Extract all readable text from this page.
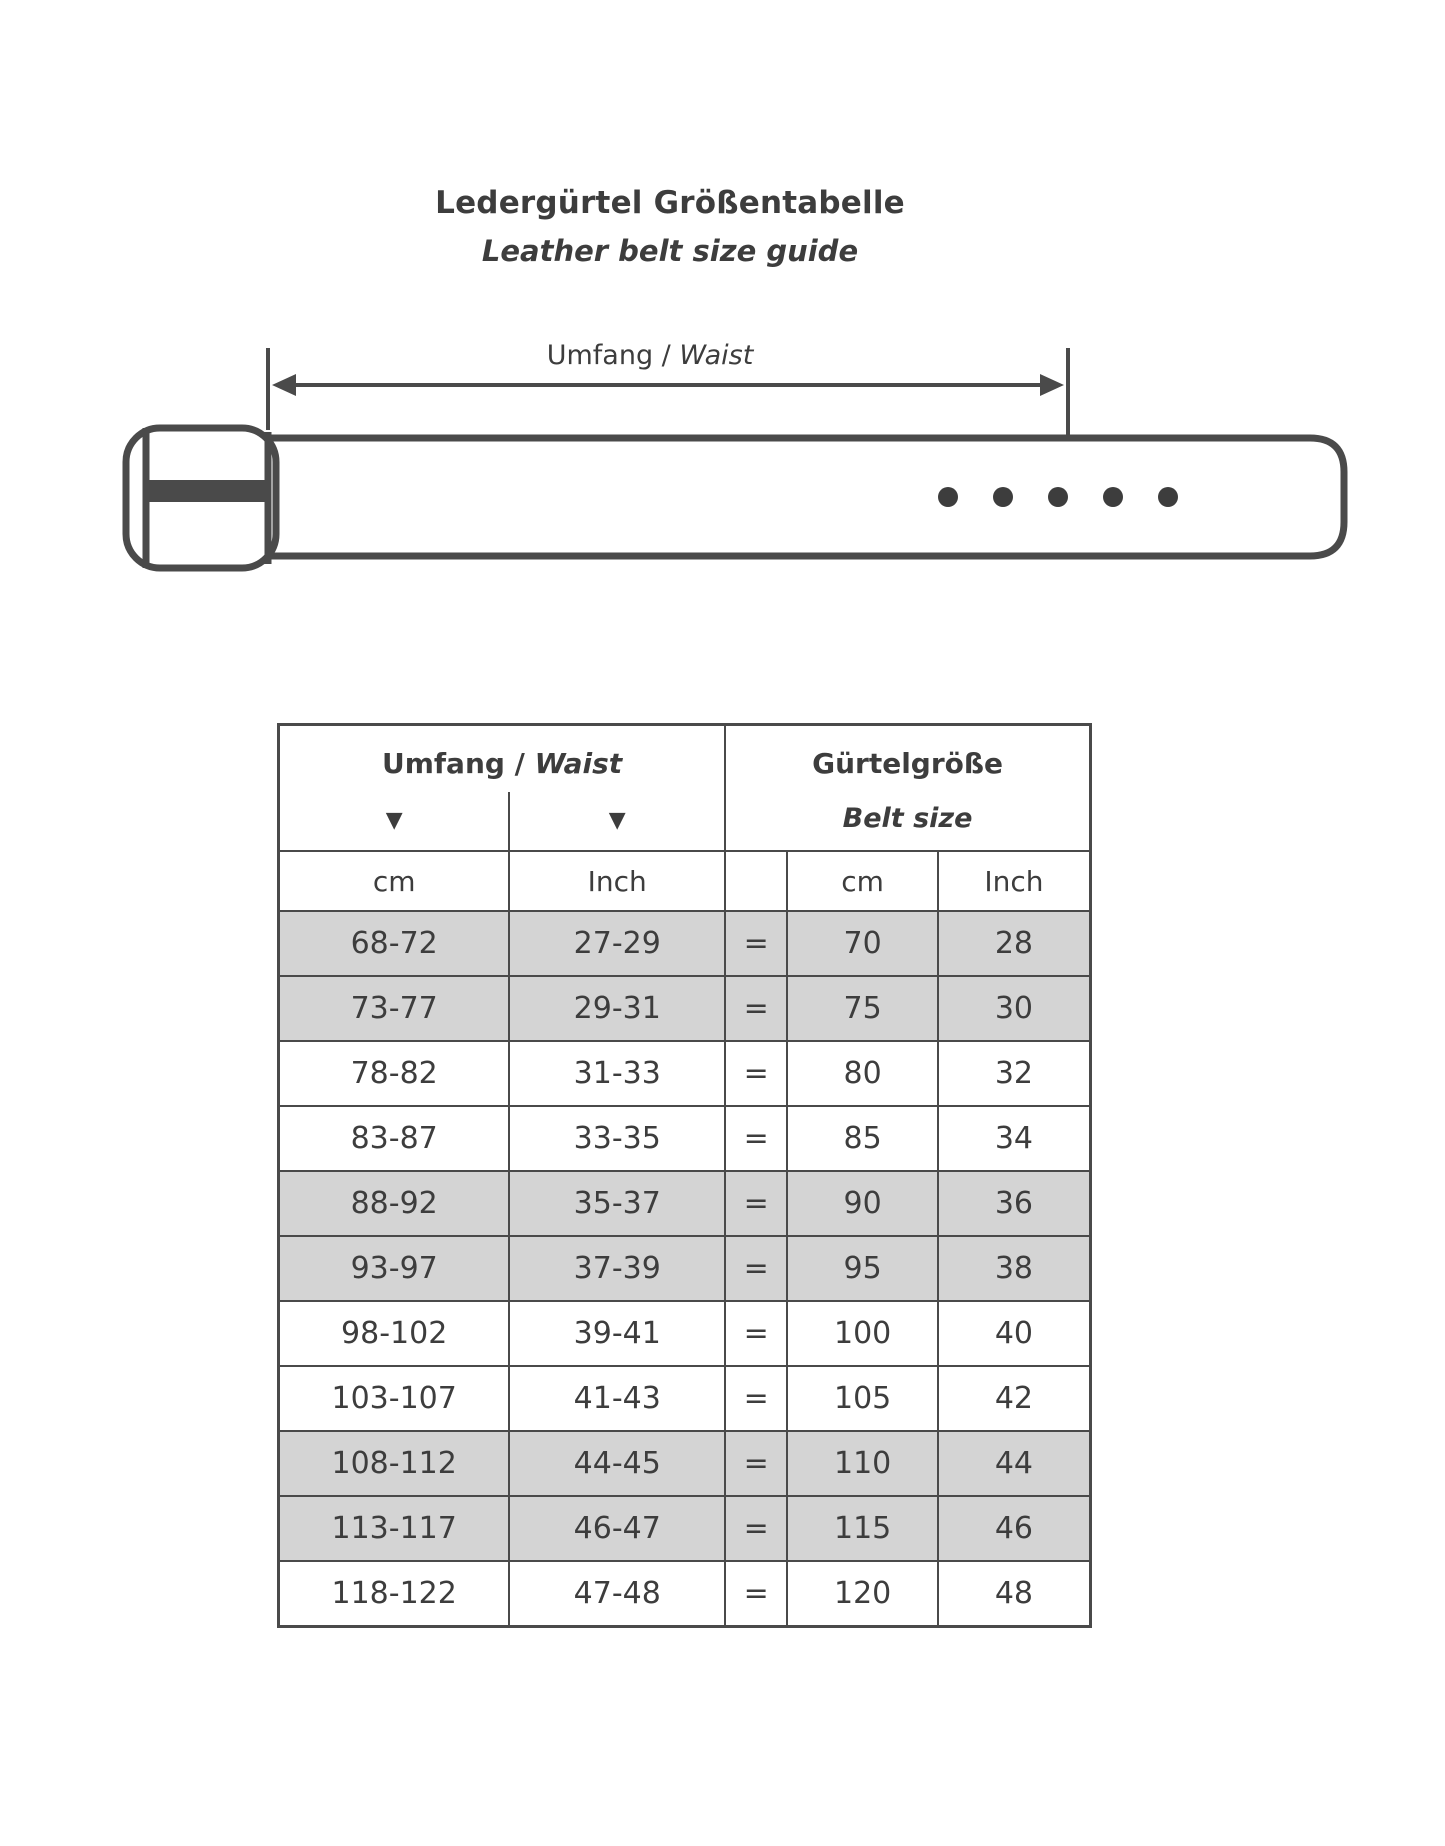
Ledergürtel Größentabelle
Leather belt size guide
Umfang / Waist
Umfang / Waist		Gürtelgröße		
▼	▼	Belt size		
cm	Inch		cm	Inch
68-72	27-29	=	70	28
73-77	29-31	=	75	30
78-82	31-33	=	80	32
83-87	33-35	=	85	34
88-92	35-37	=	90	36
93-97	37-39	=	95	38
98-102	39-41	=	100	40
103-107	41-43	=	105	42
108-112	44-45	=	110	44
113-117	46-47	=	115	46
118-122	47-48	=	120	48
